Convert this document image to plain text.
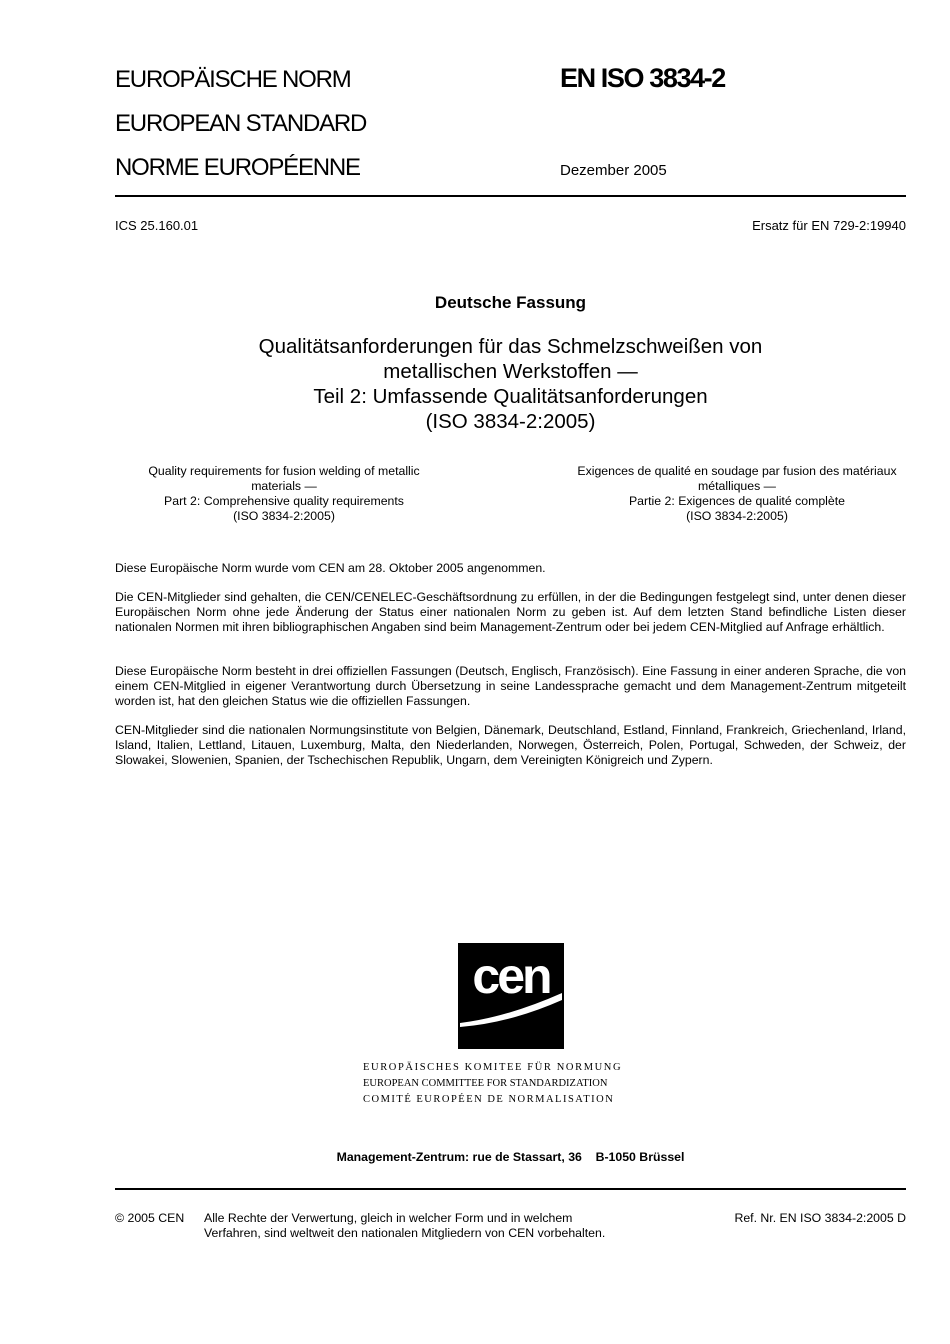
EUROPÄISCHE NORM
EUROPEAN STANDARD
NORME EUROPÉENNE
EN ISO 3834-2
Dezember 2005
ICS 25.160.01	Ersatz für EN 729-2:19940
Deutsche Fassung
Qualitätsanforderungen für das Schmelzschweißen von
metallischen Werkstoffen —
Teil 2: Umfassende Qualitätsanforderungen
(ISO 3834-2:2005)
Quality requirements for fusion welding of metallic
materials —
Part 2: Comprehensive quality requirements
(ISO 3834-2:2005)
Exigences de qualité en soudage par fusion des matériaux
métalliques —
Partie 2: Exigences de qualité complète
(ISO 3834-2:2005)
Diese Europäische Norm wurde vom CEN am 28. Oktober 2005 angenommen.
Die CEN-Mitglieder sind gehalten, die CEN/CENELEC-Geschäftsordnung zu erfüllen, in der die Bedingungen festgelegt sind, unter denen dieser Europäischen Norm ohne jede Änderung der Status einer nationalen Norm zu geben ist. Auf dem letzten Stand befindliche Listen dieser nationalen Normen mit ihren bibliographischen Angaben sind beim Management-Zentrum oder bei jedem CEN-Mitglied auf Anfrage erhältlich.
Diese Europäische Norm besteht in drei offiziellen Fassungen (Deutsch, Englisch, Französisch). Eine Fassung in einer anderen Sprache, die von einem CEN-Mitglied in eigener Verantwortung durch Übersetzung in seine Landessprache gemacht und dem Management-Zentrum mitgeteilt worden ist, hat den gleichen Status wie die offiziellen Fassungen.
CEN-Mitglieder sind die nationalen Normungsinstitute von Belgien, Dänemark, Deutschland, Estland, Finnland, Frankreich, Griechenland, Irland, Island, Italien, Lettland, Litauen, Luxemburg, Malta, den Niederlanden, Norwegen, Österreich, Polen, Portugal, Schweden, der Schweiz, der Slowakei, Slowenien, Spanien, der Tschechischen Republik, Ungarn, dem Vereinigten Königreich und Zypern.
cen
EUROPÄISCHES KOMITEE FÜR NORMUNG
EUROPEAN COMMITTEE FOR STANDARDIZATION
COMITÉ EUROPÉEN DE NORMALISATION
Management-Zentrum: rue de Stassart, 36    B-1050 Brüssel
© 2005 CEN Alle Rechte der Verwertung, gleich in welcher Form und in welchem
Verfahren, sind weltweit den nationalen Mitgliedern von CEN vorbehalten.
Ref. Nr. EN ISO 3834-2:2005 D
